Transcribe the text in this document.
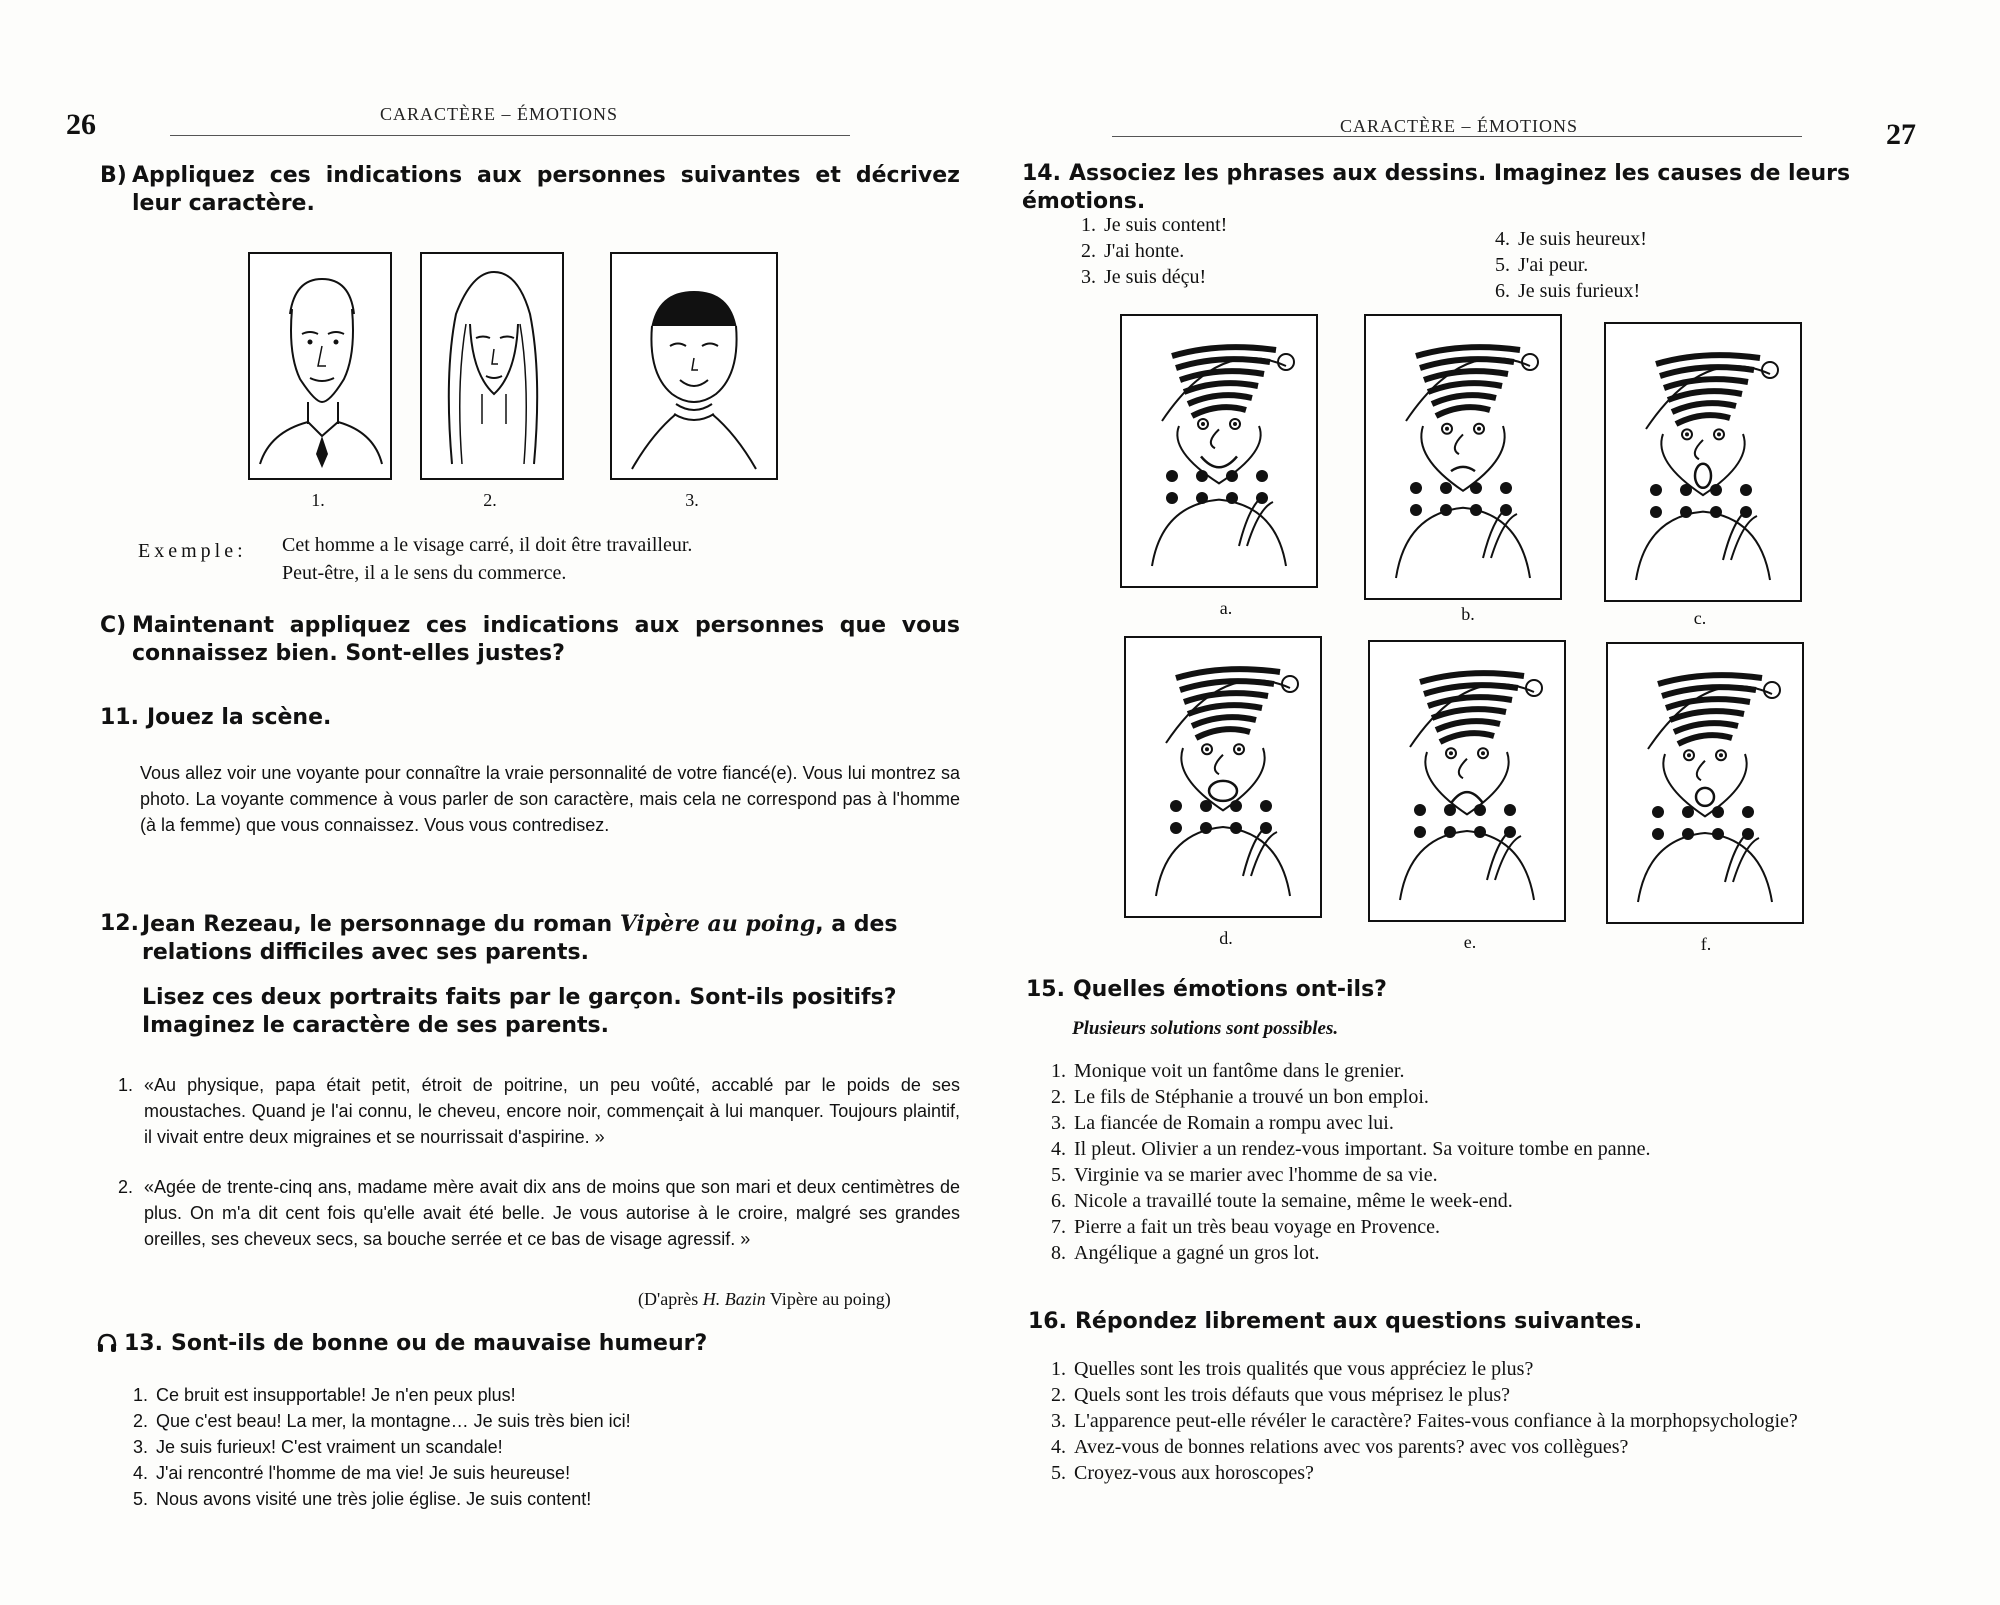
26	CARACTÈRE – ÉMOTIONS
B) Appliquez ces indications aux personnes suivantes et décrivez leur caractère.
1.	2.	3.
Exemple: Cet homme a le visage carré, il doit être travailleur.
Peut-être, il a le sens du commerce.
C) Maintenant appliquez ces indications aux personnes que vous connaissez bien. Sont-elles justes?
11. Jouez la scène.
Vous allez voir une voyante pour connaître la vraie personnalité de votre fiancé(e). Vous lui montrez sa photo. La voyante commence à vous parler de son caractère, mais cela ne correspond pas à l'homme (à la femme) que vous connaissez. Vous vous contredisez.
12. Jean Rezeau, le personnage du roman Vipère au poing, a des relations difficiles avec ses parents.
Lisez ces deux portraits faits par le garçon. Sont-ils positifs? Imaginez le caractère de ses parents.
1. «Au physique, papa était petit, étroit de poitrine, un peu voûté, accablé par le poids de ses moustaches. Quand je l'ai connu, le cheveu, encore noir, commençait à lui manquer. Toujours plaintif, il vivait entre deux migraines et se nourrissait d'aspirine. »
2. «Agée de trente-cinq ans, madame mère avait dix ans de moins que son mari et deux centimètres de plus. On m'a dit cent fois qu'elle avait été belle. Je vous autorise à le croire, malgré ses grandes oreilles, ses cheveux secs, sa bouche serrée et ce bas de visage agressif. »
(D'après H. Bazin Vipère au poing)
13. Sont-ils de bonne ou de mauvaise humeur?
1. Ce bruit est insupportable! Je n'en peux plus!
2. Que c'est beau! La mer, la montagne… Je suis très bien ici!
3. Je suis furieux! C'est vraiment un scandale!
4. J'ai rencontré l'homme de ma vie! Je suis heureuse!
5. Nous avons visité une très jolie église. Je suis content!
CARACTÈRE – ÉMOTIONS	27
14. Associez les phrases aux dessins. Imaginez les causes de leurs émotions.
1. Je suis content!
2. J'ai honte.
3. Je suis déçu!
4. Je suis heureux!
5. J'ai peur.
6. Je suis furieux!
a.	b.	c.
d.	e.	f.
15. Quelles émotions ont-ils?
Plusieurs solutions sont possibles.
1. Monique voit un fantôme dans le grenier.
2. Le fils de Stéphanie a trouvé un bon emploi.
3. La fiancée de Romain a rompu avec lui.
4. Il pleut. Olivier a un rendez-vous important. Sa voiture tombe en panne.
5. Virginie va se marier avec l'homme de sa vie.
6. Nicole a travaillé toute la semaine, même le week-end.
7. Pierre a fait un très beau voyage en Provence.
8. Angélique a gagné un gros lot.
16. Répondez librement aux questions suivantes.
1. Quelles sont les trois qualités que vous appréciez le plus?
2. Quels sont les trois défauts que vous méprisez le plus?
3. L'apparence peut-elle révéler le caractère? Faites-vous confiance à la morphopsychologie?
4. Avez-vous de bonnes relations avec vos parents? avec vos collègues?
5. Croyez-vous aux horoscopes?
